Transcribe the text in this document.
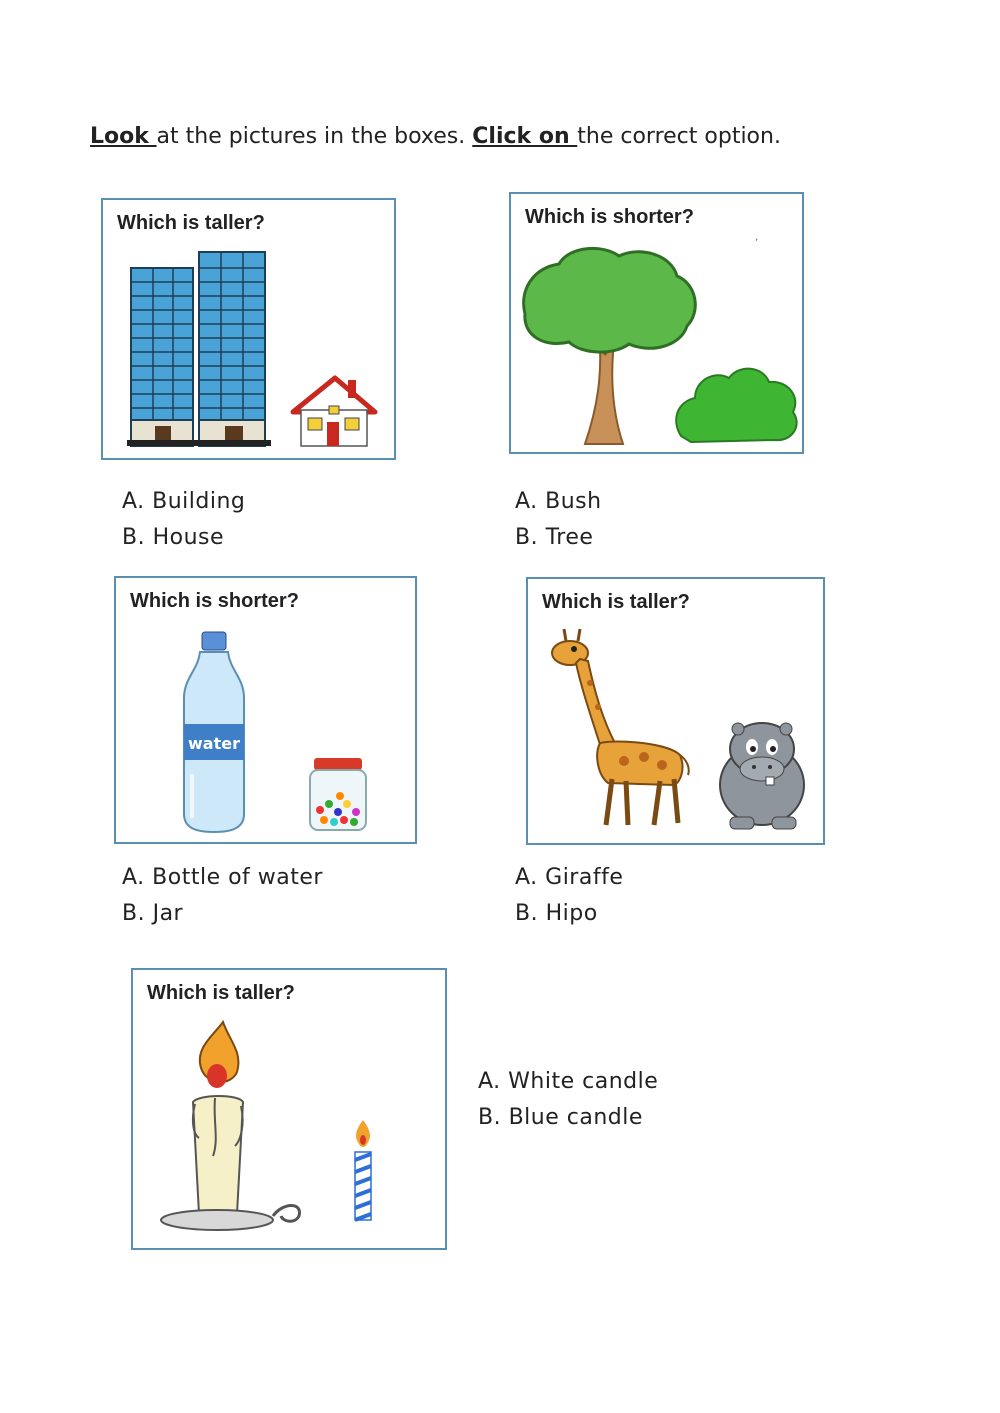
Look at the pictures in the boxes. Click on the correct option.
Which is taller?
A. Building
B. House
Which is shorter?
,
A. Bush
B. Tree
Which is shorter?
water
A. Bottle of water
B. Jar
Which is taller?
A. Giraffe
B. Hipo
Which is taller?
A. White candle
B. Blue candle
